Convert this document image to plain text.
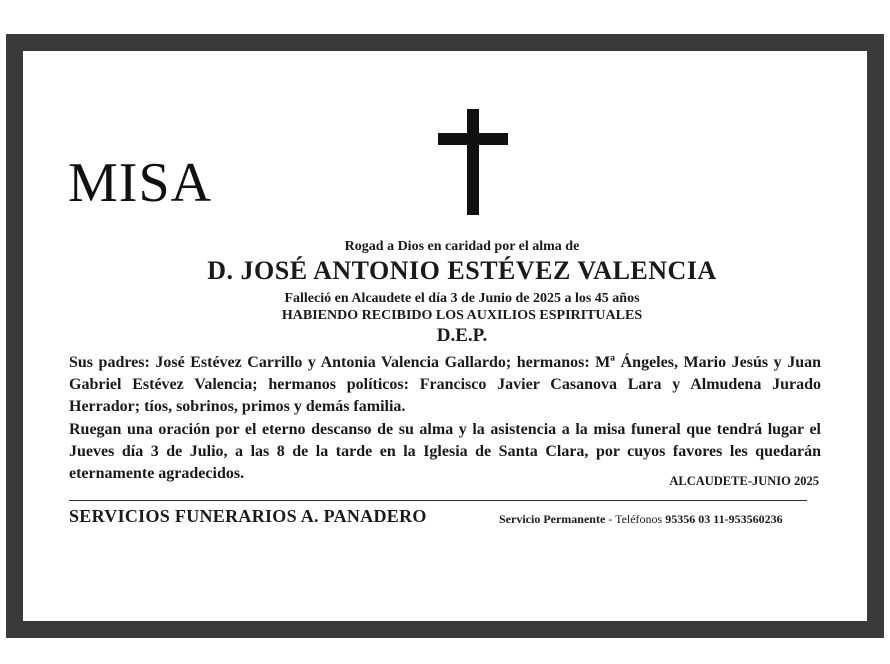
MISA
Rogad a Dios en caridad por el alma de
D. JOSÉ ANTONIO ESTÉVEZ VALENCIA
Falleció en Alcaudete el día 3 de Junio de 2025 a los 45 años
HABIENDO RECIBIDO LOS AUXILIOS ESPIRITUALES
D.E.P.
Sus padres: José Estévez Carrillo y Antonia Valencia Gallardo; hermanos: Mª Ángeles, Mario Jesús y Juan Gabriel Estévez Valencia; hermanos políticos: Francisco Javier Casanova Lara y Almudena Jurado Herrador; tíos, sobrinos, primos y demás familia.
Ruegan una oración por el eterno descanso de su alma y la asistencia a la misa funeral que tendrá lugar el Jueves día 3 de Julio, a las 8 de la tarde en la Iglesia de Santa Clara, por cuyos favores les quedarán eternamente agradecidos.	ALCAUDETE-JUNIO 2025
SERVICIOS FUNERARIOS A. PANADERO	Servicio Permanente - Teléfonos 95356 03 11-953560236
